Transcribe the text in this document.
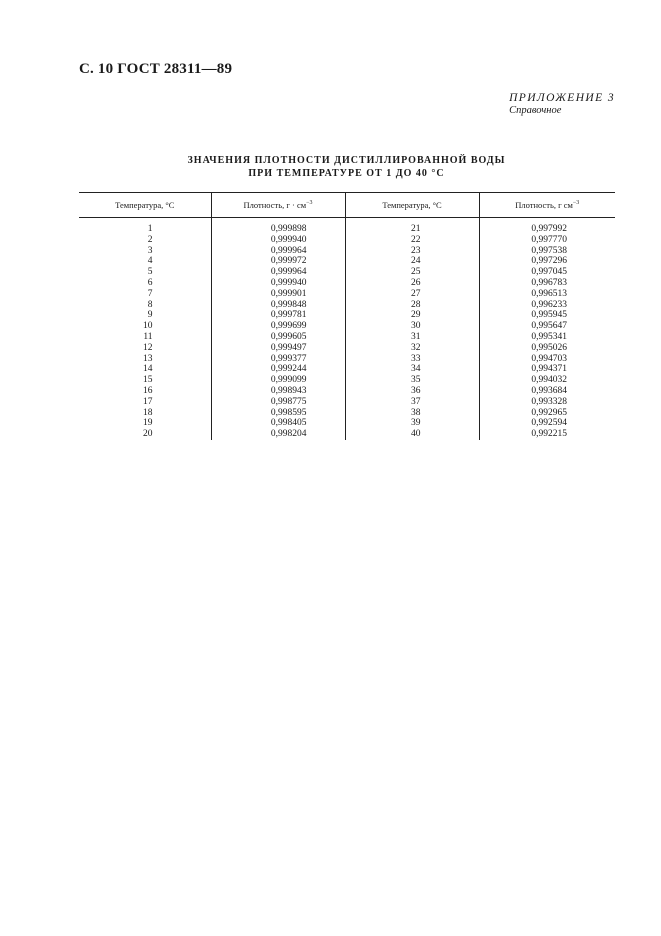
С. 10 ГОСТ 28311—89
ПРИЛОЖЕНИЕ 3
Справочное
ЗНАЧЕНИЯ ПЛОТНОСТИ ДИСТИЛЛИРОВАННОЙ ВОДЫ
ПРИ ТЕМПЕРАТУРЕ ОТ 1 ДО 40 °С
Температура, °С	Плотность, $г \cdot см^{-3}$	Температура, °С	Плотность, г $см^{-3}$
1	0,999898	21	0,997992
2	0,999940	22	0,997770
3	0,999964	23	0,997538
4	0,999972	24	0,997296
5	0,999964	25	0,997045
6	0,999940	26	0,996783
7	0,999901	27	0,996513
8	0,999848	28	0,996233
9	0,999781	29	0,995945
10	0,999699	30	0,995647
11	0,999605	31	0,995341
12	0,999497	32	0,995026
13	0,999377	33	0,994703
14	0,999244	34	0,994371
15	0,999099	35	0,994032
16	0,998943	36	0,993684
17	0,998775	37	0,993328
18	0,998595	38	0,992965
19	0,998405	39	0,992594
20	0,998204	40	0,992215
